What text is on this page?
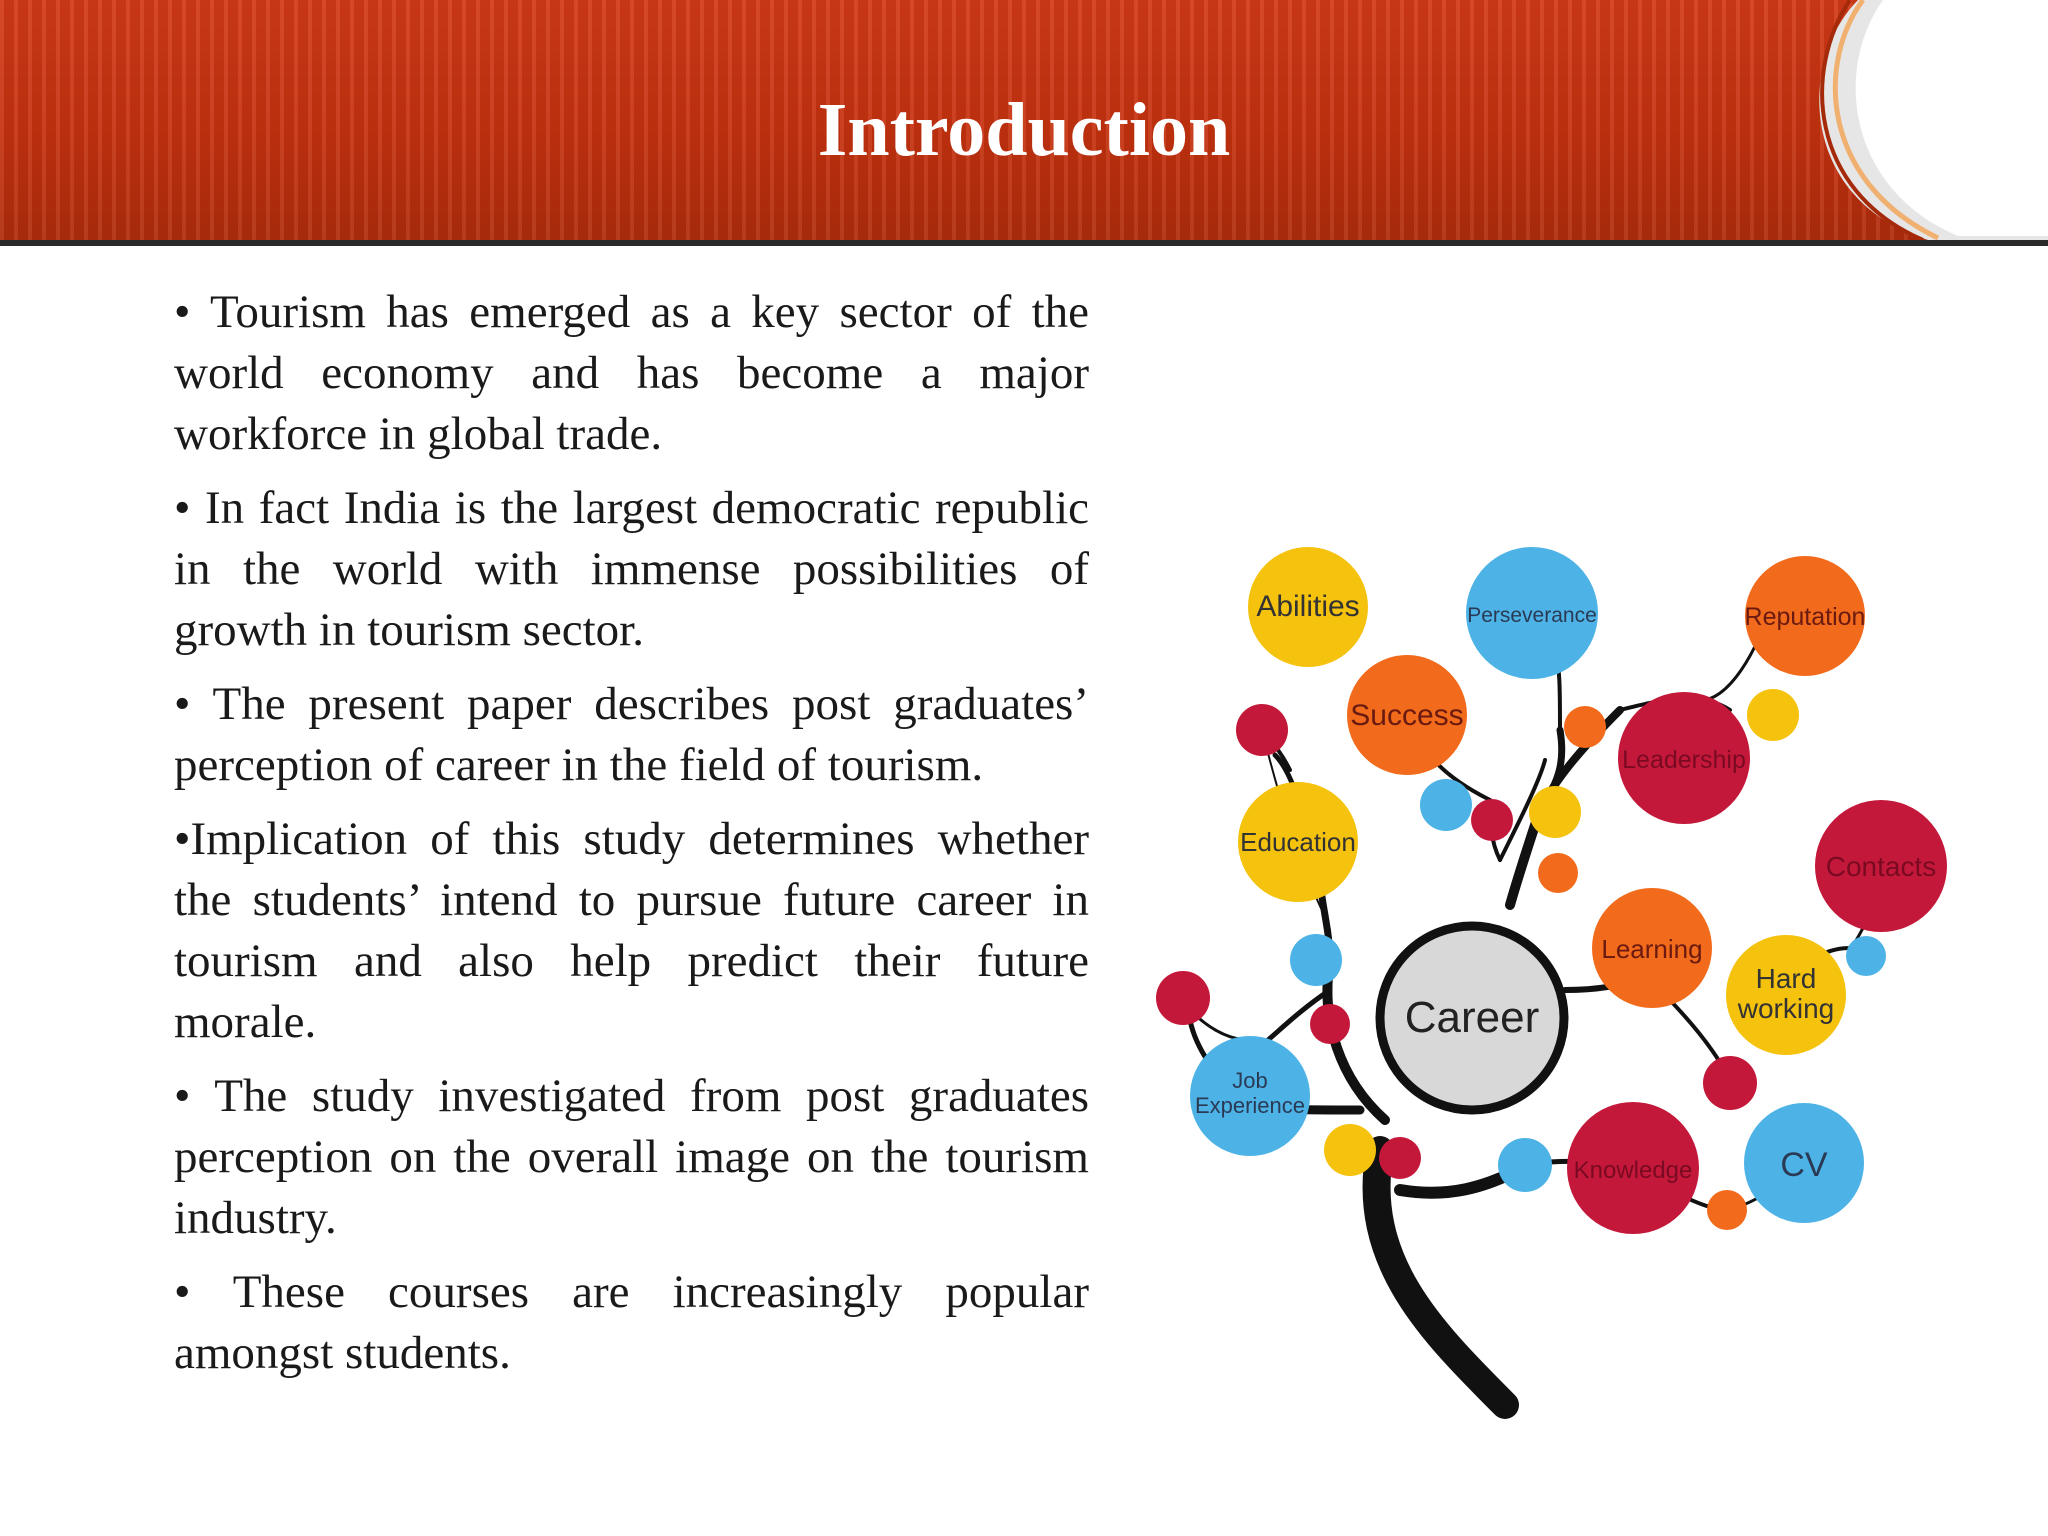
Introduction
• Tourism has emerged as a key sector of the world economy and has become a major workforce in global trade.
• In fact India is the largest democratic republic in the world with immense possibilities of growth in tourism sector.
• The present paper describes post graduates’ perception of career in the field of tourism.
•Implication of this study determines whether the students’ intend to pursue future career in tourism and also help predict their future morale.
• The study investigated from post graduates perception on the overall image on the tourism industry.
• These courses are increasingly popular amongst students.
Abilities	Perseverance	Reputation
Success
Leadership
Education
Contacts
Learning
Hard
working
Job
Experience
Knowledge	CV
Career
